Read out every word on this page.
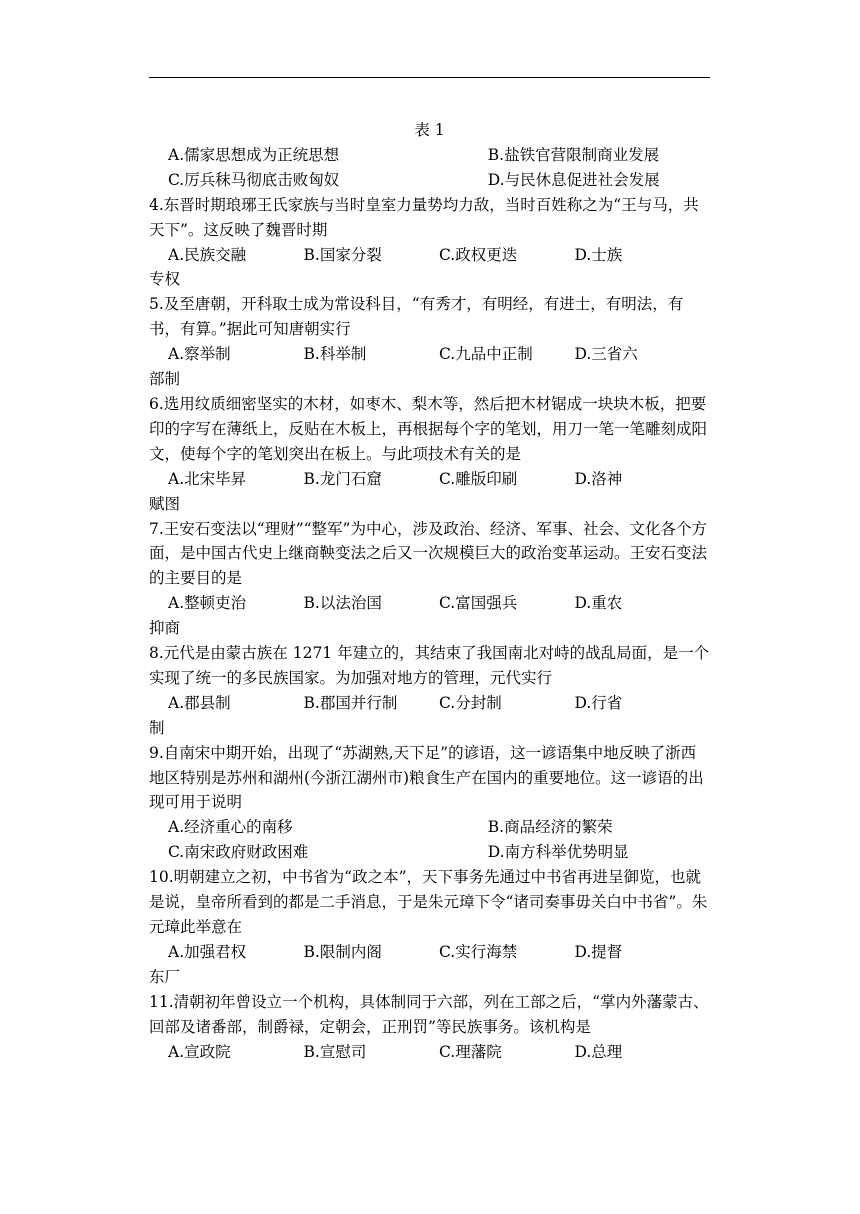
表 1
A.儒家思想成为正统思想	B.盐铁官营限制商业发展
C.厉兵秣马彻底击败匈奴	D.与民休息促进社会发展
4.东晋时期琅琊王氏家族与当时皇室力量势均力敌，当时百姓称之为“王与马，共天下”。这反映了魏晋时期
A.民族交融	B.国家分裂	C.政权更迭	D.士族
专权
5.及至唐朝，开科取士成为常设科目，“有秀才，有明经，有进士，有明法，有书，有算。”据此可知唐朝实行
A.察举制	B.科举制	C.九品中正制	D.三省六
部制
6.选用纹质细密坚实的木材，如枣木、梨木等，然后把木材锯成一块块木板，把要印的字写在薄纸上，反贴在木板上，再根据每个字的笔划，用刀一笔一笔雕刻成阳文，使每个字的笔划突出在板上。与此项技术有关的是
A.北宋毕昇	B.龙门石窟	C.雕版印刷	D.洛神
赋图
7.王安石变法以“理财”“整军”为中心，涉及政治、经济、军事、社会、文化各个方面，是中国古代史上继商鞅变法之后又一次规模巨大的政治变革运动。王安石变法的主要目的是
A.整顿吏治	B.以法治国	C.富国强兵	D.重农
抑商
8.元代是由蒙古族在 1271 年建立的，其结束了我国南北对峙的战乱局面，是一个实现了统一的多民族国家。为加强对地方的管理，元代实行
A.郡县制	B.郡国并行制	C.分封制	D.行省
制
9.自南宋中期开始，出现了“苏湖熟,天下足”的谚语，这一谚语集中地反映了浙西地区特别是苏州和湖州(今浙江湖州市)粮食生产在国内的重要地位。这一谚语的出现可用于说明
A.经济重心的南移	B.商品经济的繁荣
C.南宋政府财政困难	D.南方科举优势明显
10.明朝建立之初，中书省为“政之本”，天下事务先通过中书省再进呈御览，也就是说，皇帝所看到的都是二手消息，于是朱元璋下令“诸司奏事毋关白中书省”。朱元璋此举意在
A.加强君权	B.限制内阁	C.实行海禁	D.提督
东厂
11.清朝初年曾设立一个机构，具体制同于六部，列在工部之后，“掌内外藩蒙古、回部及诸番部，制爵禄，定朝会，正刑罚”等民族事务。该机构是
A.宣政院	B.宣慰司	C.理藩院	D.总理
